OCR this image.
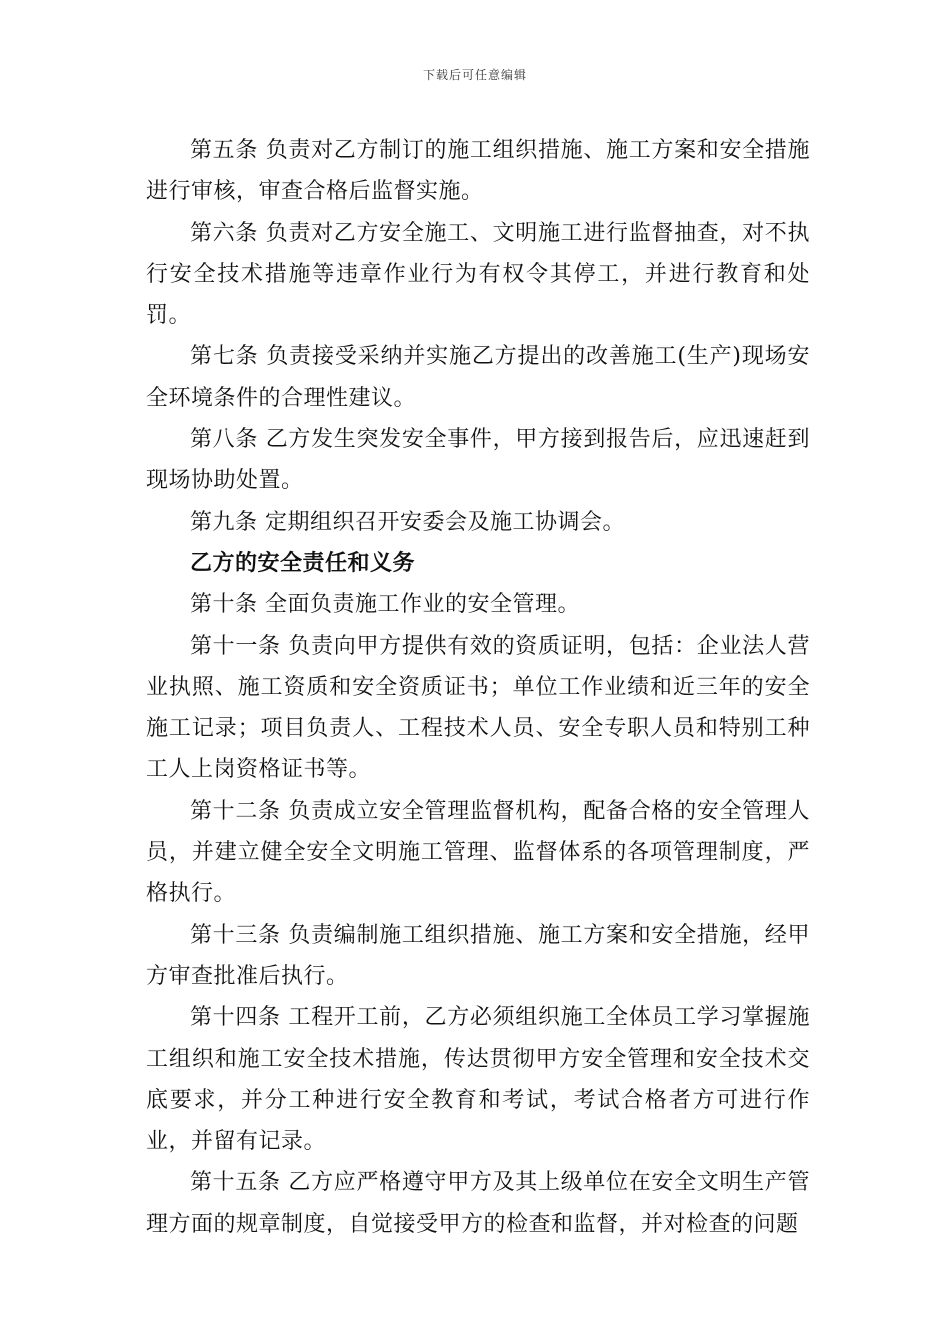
下载后可任意编辑

第五条 负责对乙方制订的施工组织措施、施工方案和安全措施进行审核，审查合格后监督实施。

第六条 负责对乙方安全施工、文明施工进行监督抽查，对不执行安全技术措施等违章作业行为有权令其停工，并进行教育和处罚。

第七条 负责接受采纳并实施乙方提出的改善施工(生产)现场安全环境条件的合理性建议。

第八条 乙方发生突发安全事件，甲方接到报告后，应迅速赶到现场协助处置。

第九条 定期组织召开安委会及施工协调会。

乙方的安全责任和义务

第十条 全面负责施工作业的安全管理。

第十一条 负责向甲方提供有效的资质证明，包括：企业法人营业执照、施工资质和安全资质证书；单位工作业绩和近三年的安全施工记录；项目负责人、工程技术人员、安全专职人员和特别工种工人上岗资格证书等。

第十二条 负责成立安全管理监督机构，配备合格的安全管理人员，并建立健全安全文明施工管理、监督体系的各项管理制度，严格执行。

第十三条 负责编制施工组织措施、施工方案和安全措施，经甲方审查批准后执行。

第十四条 工程开工前，乙方必须组织施工全体员工学习掌握施工组织和施工安全技术措施，传达贯彻甲方安全管理和安全技术交底要求，并分工种进行安全教育和考试，考试合格者方可进行作业，并留有记录。

第十五条 乙方应严格遵守甲方及其上级单位在安全文明生产管理方面的规章制度，自觉接受甲方的检查和监督，并对检查的问题
